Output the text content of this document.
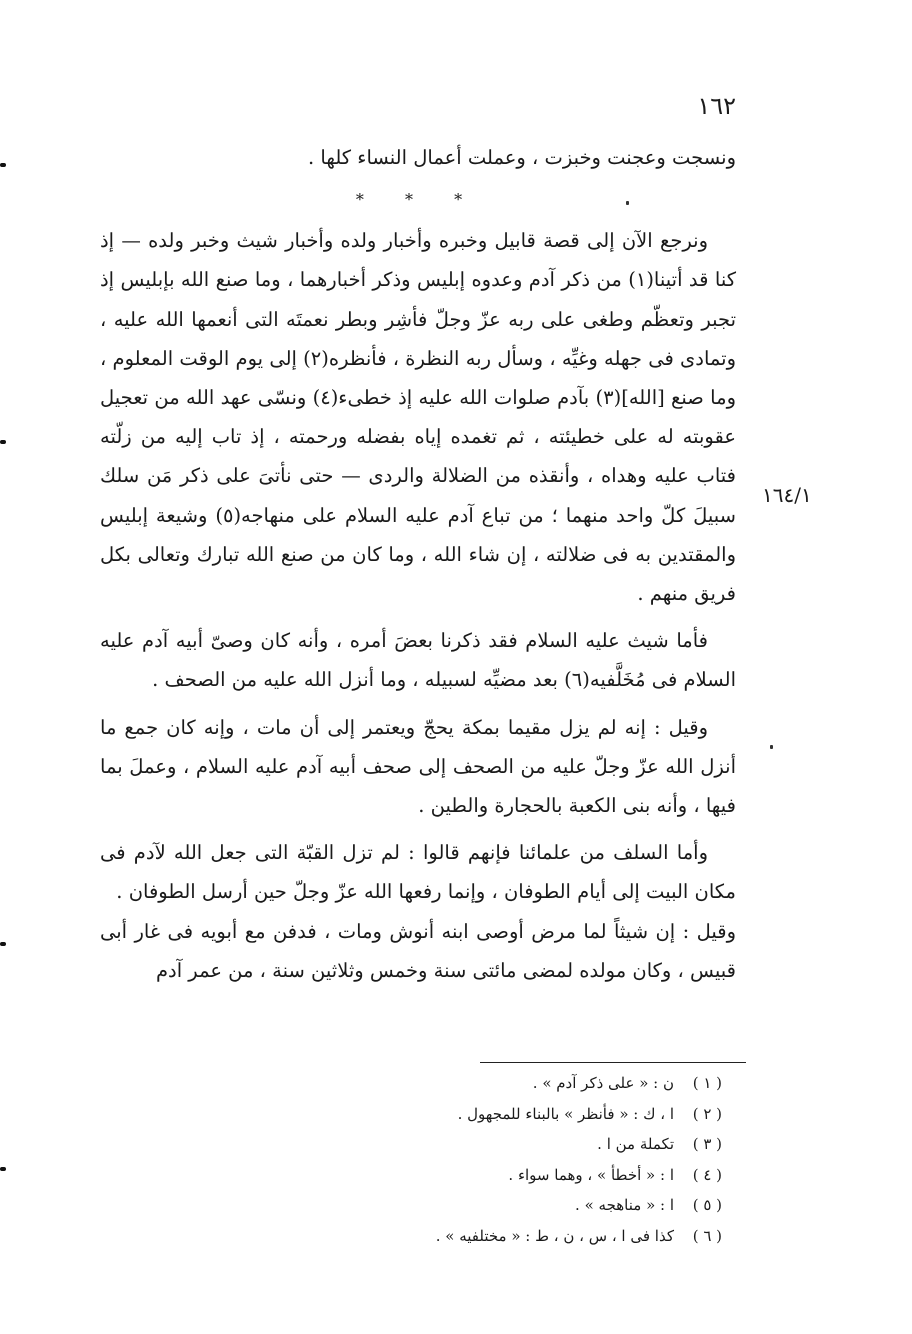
١٦٢

ونسجت وعجنت وخبزت ، وعملت أعمال النساء كلها .

* * *

ونرجع الآن إلى قصة قابيل وخبره وأخبار ولده وأخبار شيث وخبر ولده — إذ كنا قد أتينا(١) من ذكر آدم وعدوه إبليس وذكر أخبارهما ، وما صنع الله بإبليس إذ تجبر وتعظّم وطغى على ربه عزّ وجلّ فأشِر وبطر نعمتَه التى أنعمها الله عليه ، وتمادى فى جهله وغيِّه ، وسأل ربه النظرة ، فأنظره(٢) إلى يوم الوقت المعلوم ، وما صنع [الله](٣) بآدم صلوات الله عليه إذ خطىء(٤) ونسّى عهد الله من تعجيل عقوبته له على خطيئته ، ثم تغمده إياه بفضله ورحمته ، إذ تاب إليه من زلّته فتاب عليه وهداه ، وأنقذه من الضلالة والردى — حتى نأتىَ على ذكر مَن سلك سبيلَ كلّ واحد منهما ؛ من تباع آدم عليه السلام على منهاجه(٥) وشيعة إبليس والمقتدين به فى ضلالته ، إن شاء الله ، وما كان من صنع الله تبارك وتعالى بكل فريق منهم .

فأما شيث عليه السلام فقد ذكرنا بعضَ أمره ، وأنه كان وصىّ أبيه آدم عليه السلام فى مُخَلَّفيه(٦) بعد مضيِّه لسبيله ، وما أنزل الله عليه من الصحف .

وقيل : إنه لم يزل مقيما بمكة يحجّ ويعتمر إلى أن مات ، وإنه كان جمع ما أنزل الله عزّ وجلّ عليه من الصحف إلى صحف أبيه آدم عليه السلام ، وعملَ بما فيها ، وأنه بنى الكعبة بالحجارة والطين .

وأما السلف من علمائنا فإنهم قالوا : لم تزل القبّة التى جعل الله لآدم فى مكان البيت إلى أيام الطوفان ، وإنما رفعها الله عزّ وجلّ حين أرسل الطوفان .

وقيل : إن شيثاً لما مرض أوصى ابنه أنوش ومات ، فدفن مع أبويه فى غار أبى قبيس ، وكان مولده لمضى مائتى سنة وخمس وثلاثين سنة ، من عمر آدم

١٦٤/١
( ١ )
ن : « على ذكر آدم » .
( ٢ )
ا ، ك : « فأنظر » بالبناء للمجهول .
( ٣ )
تكملة من ا .
( ٤ )
ا : « أخطأ » ، وهما سواء .
( ٥ )
ا : « مناهجه » .
( ٦ )
كذا فى ا ، س ، ن ، ط : « مختلفيه » .
